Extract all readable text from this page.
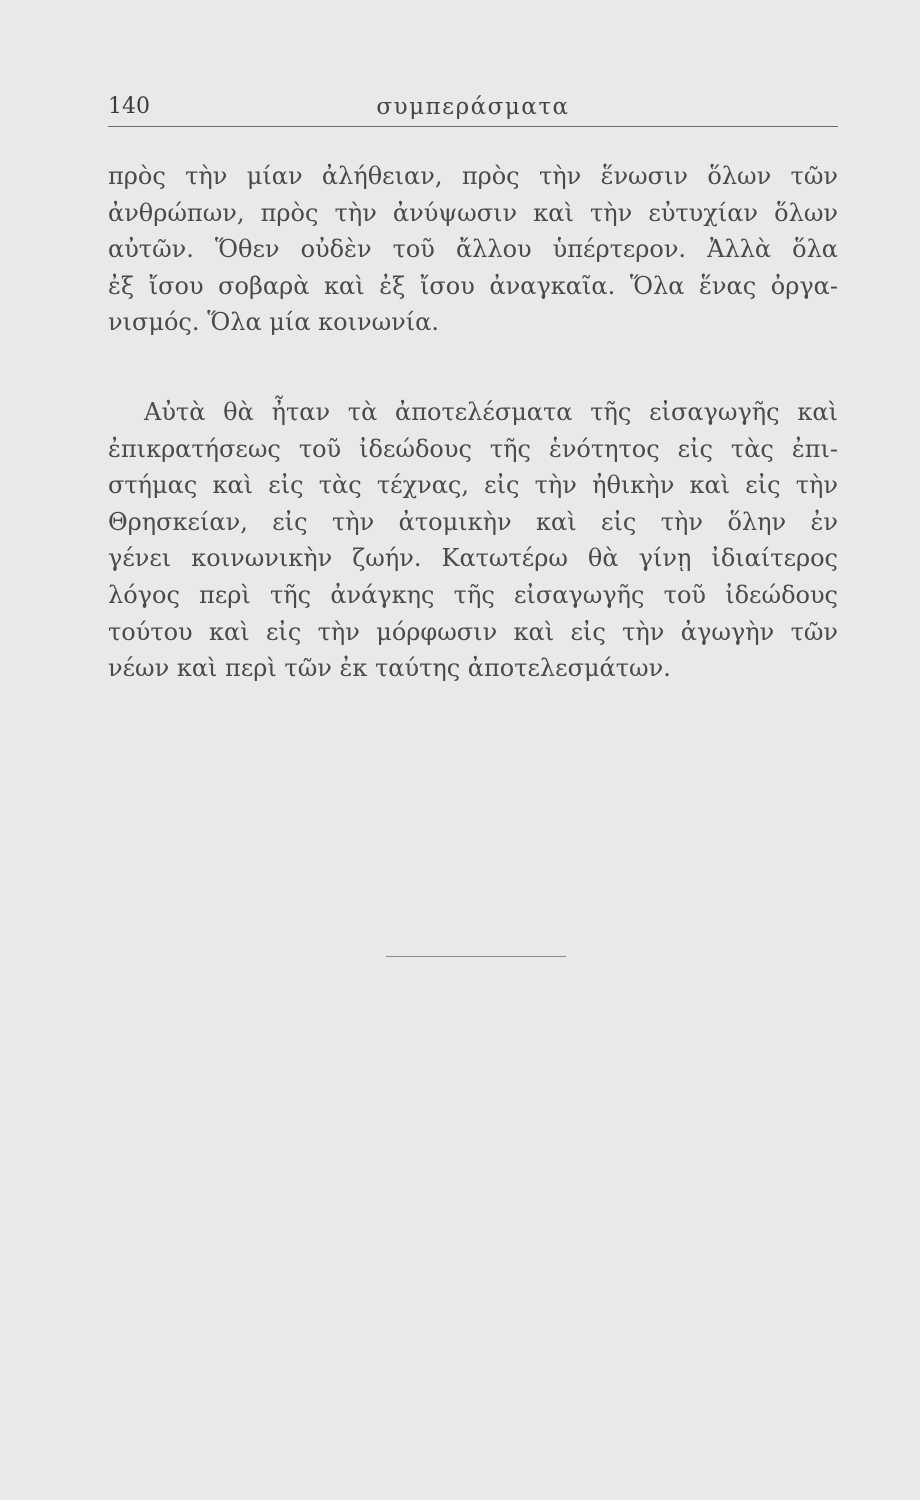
140	συμπεράσματα
πρὸς τὴν μίαν ἀλήθειαν, πρὸς τὴν ἕνωσιν ὅλων τῶν
ἀνθρώπων, πρὸς τὴν ἀνύψωσιν καὶ τὴν εὐτυχίαν ὅλων
αὐτῶν. Ὅθεν οὐδὲν τοῦ ἄλλου ὑπέρτερον. Ἀλλὰ ὅλα
ἐξ ἴσου σοβαρὰ καὶ ἐξ ἴσου ἀναγκαῖα. Ὅλα ἕνας ὀργα-
νισμός. Ὅλα μία κοινωνία.
Αὐτὰ θὰ ἦταν τὰ ἀποτελέσματα τῆς εἰσαγωγῆς καὶ
ἐπικρατήσεως τοῦ ἰδεώδους τῆς ἑνότητος εἰς τὰς ἐπι-
στήμας καὶ εἰς τὰς τέχνας, εἰς τὴν ἠθικὴν καὶ εἰς τὴν
Θρησκείαν, εἰς τὴν ἀτομικὴν καὶ εἰς τὴν ὅλην ἐν
γένει κοινωνικὴν ζωήν. Κατωτέρω θὰ γίνῃ ἰδιαίτερος
λόγος περὶ τῆς ἀνάγκης τῆς εἰσαγωγῆς τοῦ ἰδεώδους
τούτου καὶ εἰς τὴν μόρφωσιν καὶ εἰς τὴν ἀγωγὴν τῶν
νέων καὶ περὶ τῶν ἐκ ταύτης ἀποτελεσμάτων.
